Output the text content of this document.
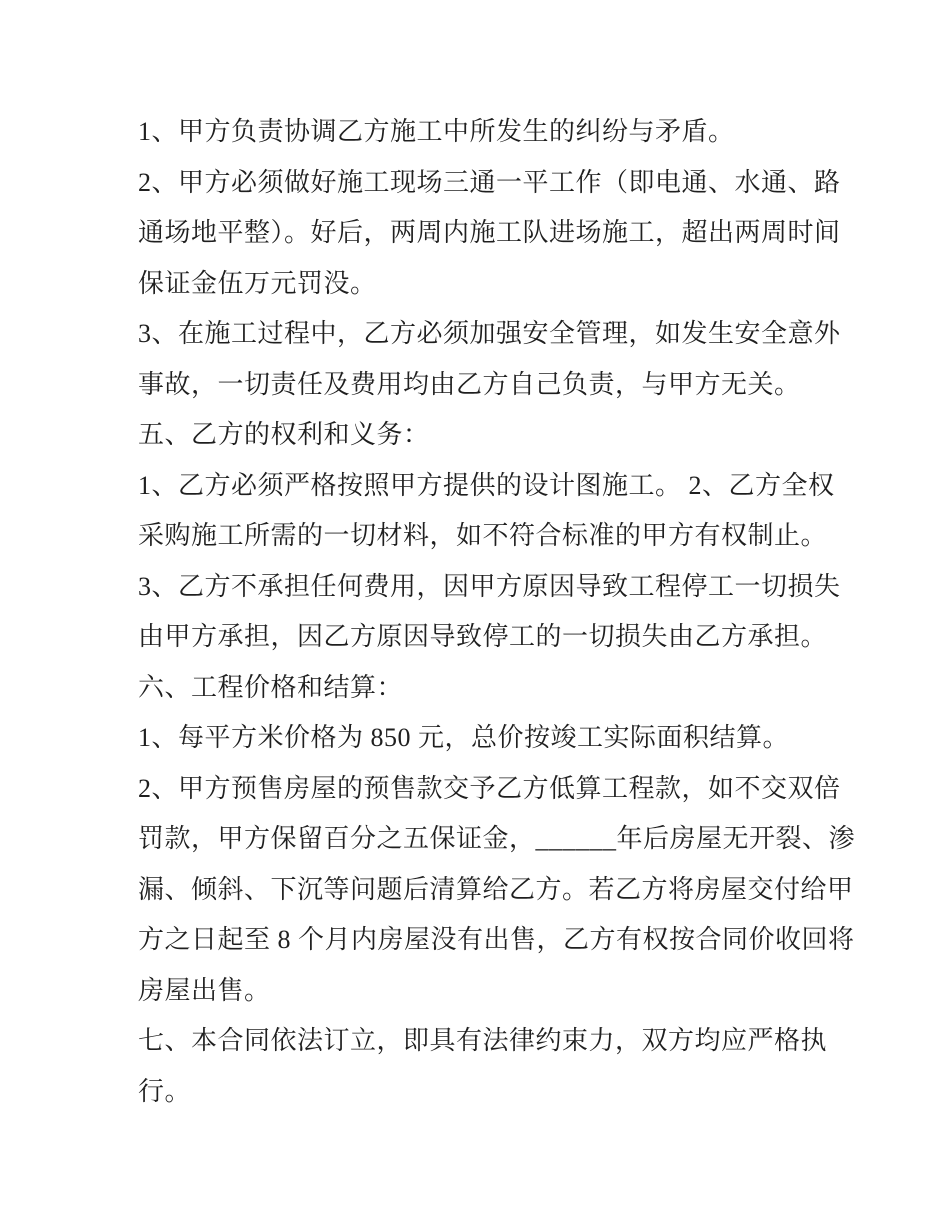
1、甲方负责协调乙方施工中所发生的纠纷与矛盾。
2、甲方必须做好施工现场三通一平工作（即电通、水通、路
通场地平整）。好后，两周内施工队进场施工，超出两周时间
保证金伍万元罚没。
3、在施工过程中，乙方必须加强安全管理，如发生安全意外
事故，一切责任及费用均由乙方自己负责，与甲方无关。
五、乙方的权利和义务：
1、乙方必须严格按照甲方提供的设计图施工。 2、乙方全权
采购施工所需的一切材料，如不符合标准的甲方有权制止。
3、乙方不承担任何费用，因甲方原因导致工程停工一切损失
由甲方承担，因乙方原因导致停工的一切损失由乙方承担。
六、工程价格和结算：
1、每平方米价格为 850 元，总价按竣工实际面积结算。
2、甲方预售房屋的预售款交予乙方低算工程款，如不交双倍
罚款，甲方保留百分之五保证金，______年后房屋无开裂、渗
漏、倾斜、下沉等问题后清算给乙方。若乙方将房屋交付给甲
方之日起至 8 个月内房屋没有出售，乙方有权按合同价收回将
房屋出售。
七、本合同依法订立，即具有法律约束力，双方均应严格执
行。
